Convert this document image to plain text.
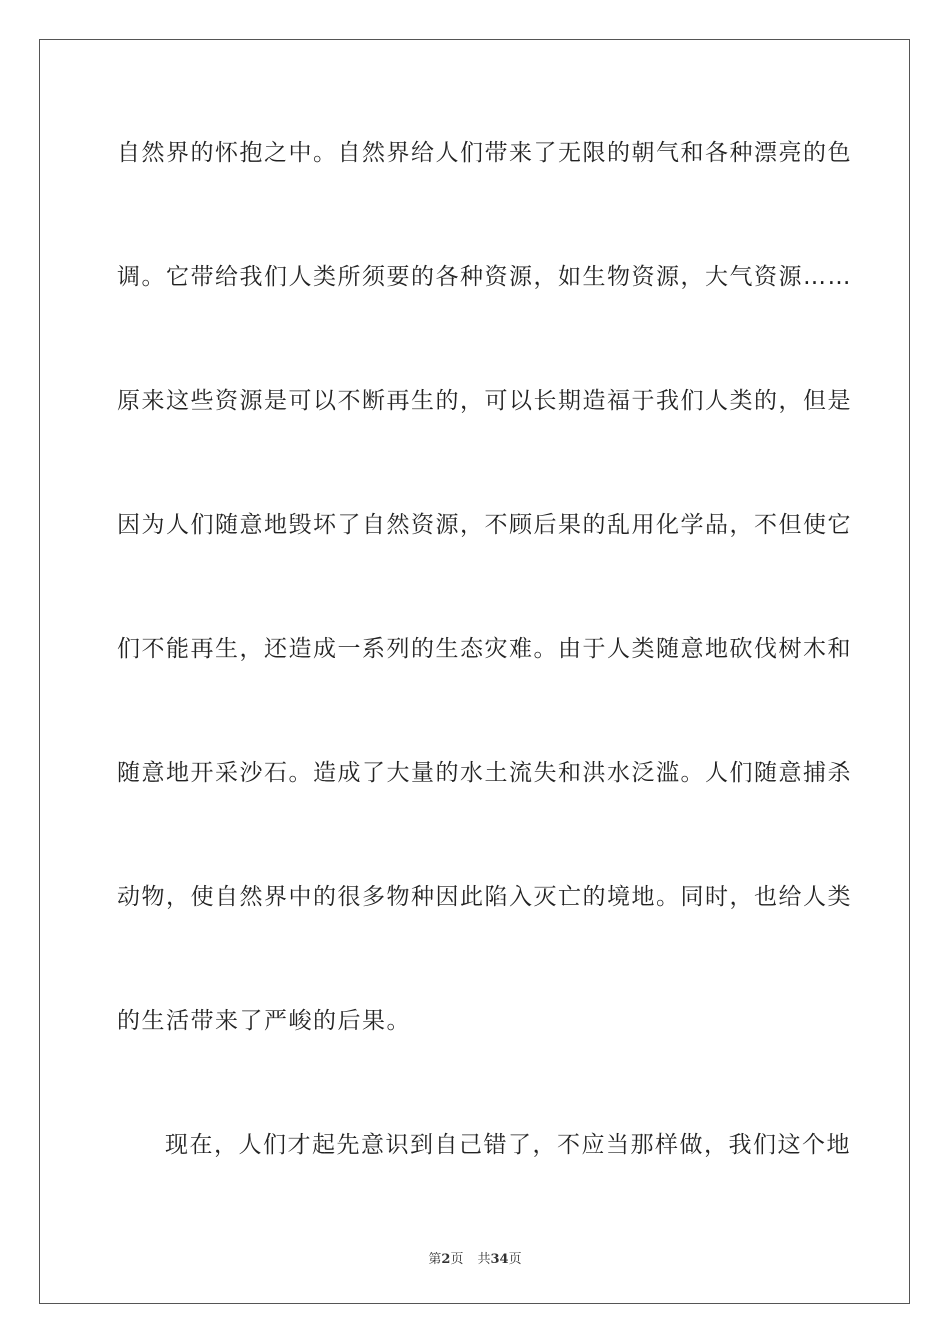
自然界的怀抱之中。自然界给人们带来了无限的朝气和各种漂亮的色
调。它带给我们人类所须要的各种资源，如生物资源，大气资源……
原来这些资源是可以不断再生的，可以长期造福于我们人类的，但是
因为人们随意地毁坏了自然资源，不顾后果的乱用化学品，不但使它
们不能再生，还造成一系列的生态灾难。由于人类随意地砍伐树木和
随意地开采沙石。造成了大量的水土流失和洪水泛滥。人们随意捕杀
动物，使自然界中的很多物种因此陷入灭亡的境地。同时，也给人类
的生活带来了严峻的后果。
现在，人们才起先意识到自己错了，不应当那样做，我们这个地
第2页 共34页
